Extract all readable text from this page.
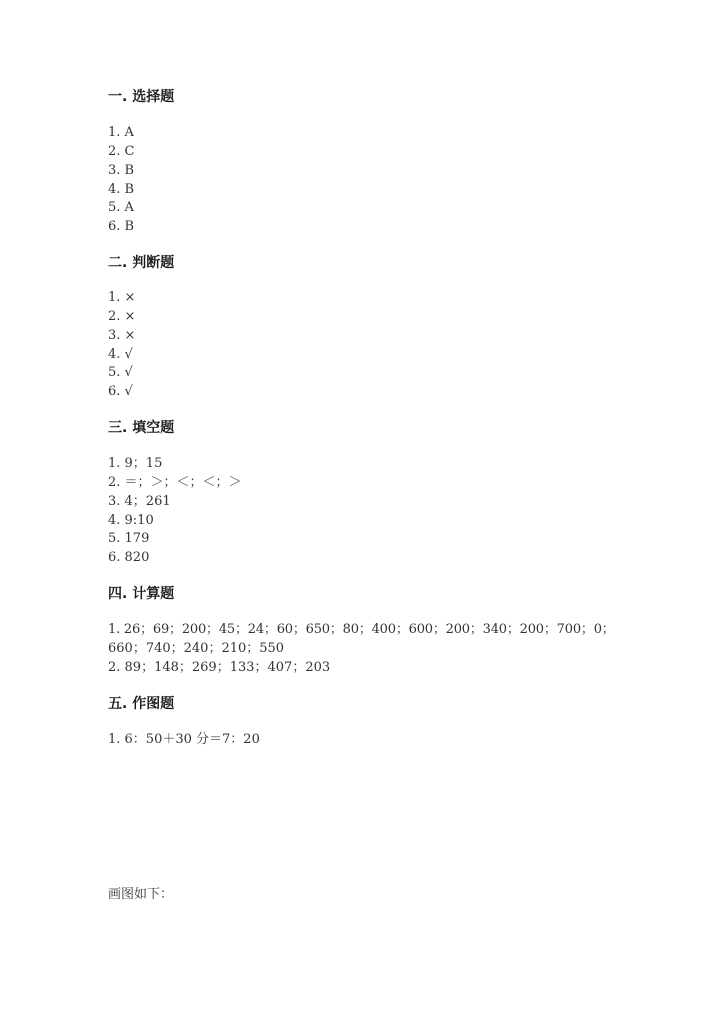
一. 选择题
1. A
2. C
3. B
4. B
5. A
6. B
二. 判断题
1. ×
2. ×
3. ×
4. √
5. √
6. √
三. 填空题
1. 9；15
2. ＝；＞；＜；＜；＞
3. 4；261
4. 9:10
5. 179
6. 820
四. 计算题
1. 26；69；200；45；24；60；650；80；400；600；200；340；200；700；0；
660；740；240；210；550
2. 89；148；269；133；407；203
五. 作图题
1. 6：50＋30 分＝7：20
画图如下：
